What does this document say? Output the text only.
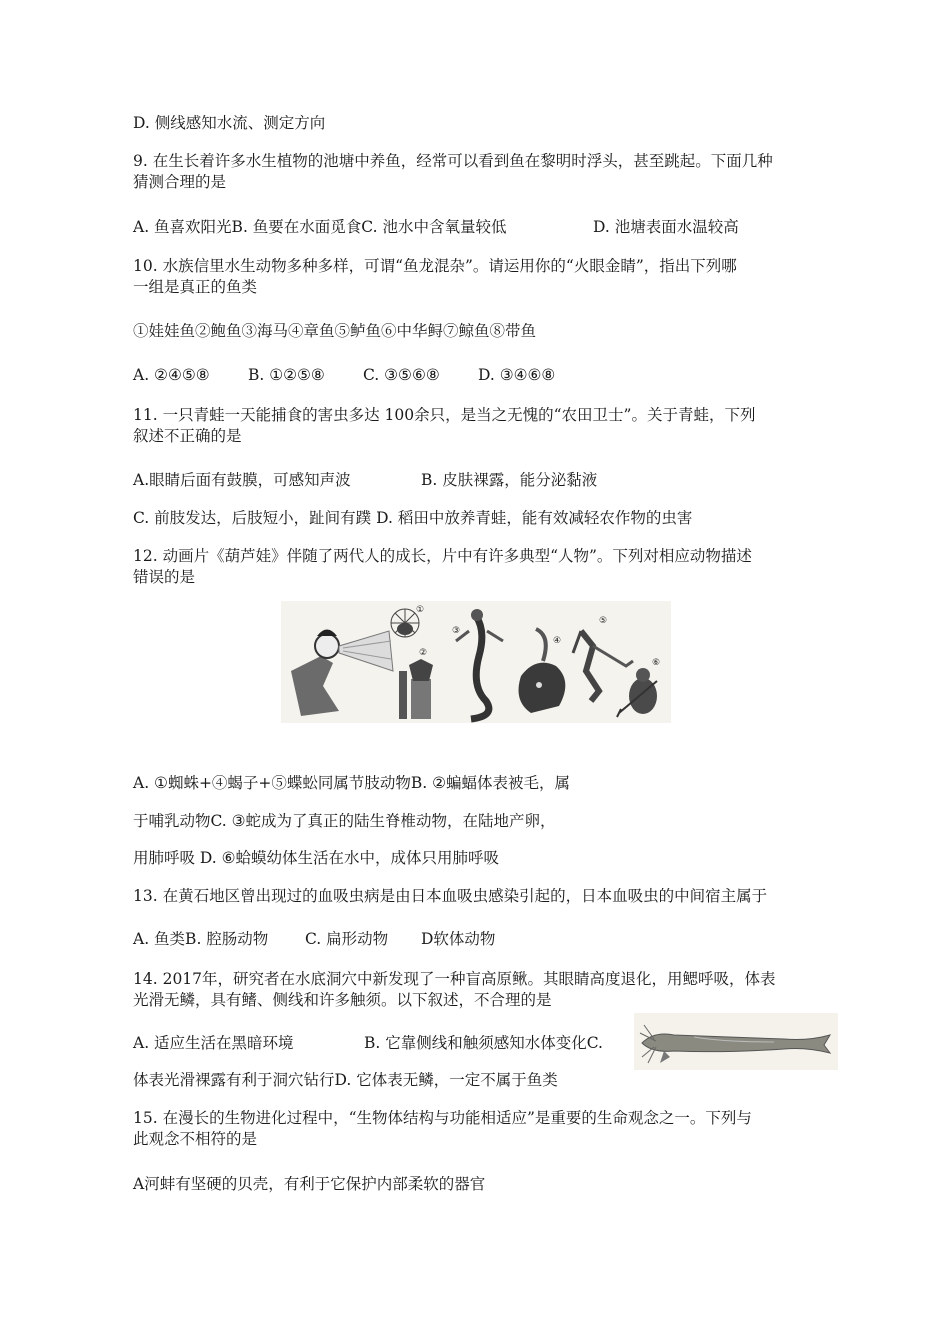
D. 侧线感知水流、测定方向
9. 在生长着许多水生植物的池塘中养鱼，经常可以看到鱼在黎明时浮头，甚至跳起。下面几种
猜测合理的是
A. 鱼喜欢阳光B. 鱼要在水面觅食C. 池水中含氧量较低	D. 池塘表面水温较高
10. 水族信里水生动物多种多样，可谓“鱼龙混杂”。请运用你的“火眼金睛”，指出下列哪
一组是真正的鱼类
①娃娃鱼②鲍鱼③海马④章鱼⑤鲈鱼⑥中华鲟⑦鲸鱼⑧带鱼
A. ②④⑤⑧ B. ①②⑤⑧ C. ③⑤⑥⑧ D. ③④⑥⑧
11. 一只青蛙一天能捕食的害虫多达 100余只，是当之无愧的“农田卫士”。关于青蛙，下列
叙述不正确的是
A.眼睛后面有鼓膜，可感知声波	B. 皮肤裸露，能分泌黏液
C. 前肢发达，后肢短小，趾间有蹼 D. 稻田中放养青蛙，能有效减轻农作物的虫害
12. 动画片《葫芦娃》伴随了两代人的成长，片中有许多典型“人物”。下列对相应动物描述
错误的是
①
②
③
④
⑤
⑥
A. ①蜘蛛+④蝎子+⑤蝶蚣同属节肢动物B. ②蝙蝠体表被毛，属
于哺乳动物C. ③蛇成为了真正的陆生脊椎动物，在陆地产卵，
用肺呼吸 D. ⑥蛤蟆幼体生活在水中，成体只用肺呼吸
13. 在黄石地区曾出现过的血吸虫病是由日本血吸虫感染引起的，日本血吸虫的中间宿主属于
A. 鱼类B. 腔肠动物 C. 扁形动物 D软体动物
14. 2017年，研究者在水底洞穴中新发现了一种盲高原鳅。其眼睛高度退化，用鳃呼吸，体表
光滑无鳞，具有鳍、侧线和许多触须。以下叙述，不合理的是
A. 适应生活在黑暗环境	B. 它靠侧线和触须感知水体变化C.
体表光滑裸露有利于洞穴钻行D. 它体表无鳞，一定不属于鱼类
15. 在漫长的生物进化过程中，“生物体结构与功能相适应”是重要的生命观念之一。下列与
此观念不相符的是
A河蚌有坚硬的贝壳，有利于它保护内部柔软的器官
